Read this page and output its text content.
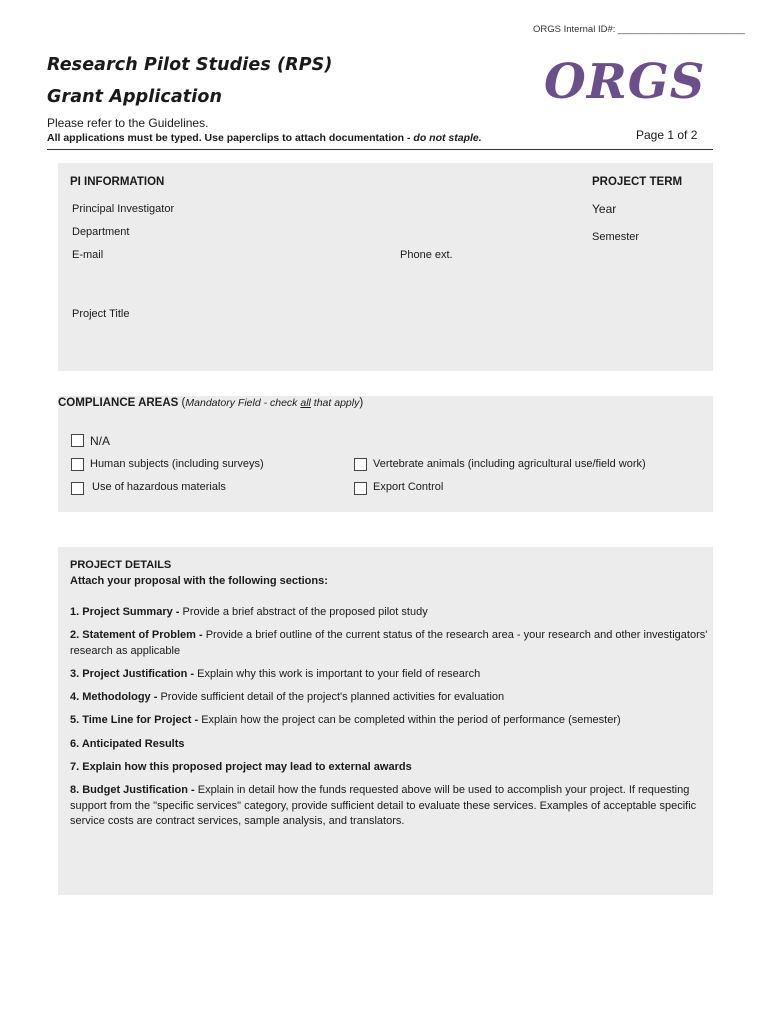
ORGS Internal ID#: ________________________
Research Pilot Studies (RPS)
Grant Application	ORGS
Please refer to the Guidelines.
All applications must be typed. Use paperclips to attach documentation - do not staple.	Page 1 of 2
PI INFORMATION
Principal Investigator
Department
E-mail	Phone ext.
Project Title
PROJECT TERM
Year
Semester
COMPLIANCE AREAS (Mandatory Field - check all that apply)
N/A
Human subjects (including surveys)
Use of hazardous materials
Vertebrate animals (including agricultural use/field work)
Export Control
PROJECT DETAILS
Attach your proposal with the following sections:
1. Project Summary - Provide a brief abstract of the proposed pilot study
2. Statement of Problem - Provide a brief outline of the current status of the research area - your research and other investigators' research as applicable
3. Project Justification - Explain why this work is important to your field of research
4. Methodology - Provide sufficient detail of the project's planned activities for evaluation
5. Time Line for Project - Explain how the project can be completed within the period of performance (semester)
6. Anticipated Results
7. Explain how this proposed project may lead to external awards
8. Budget Justification - Explain in detail how the funds requested above will be used to accomplish your project. If requesting support from the "specific services" category, provide sufficient detail to evaluate these services. Examples of acceptable specific service costs are contract services, sample analysis, and translators.
